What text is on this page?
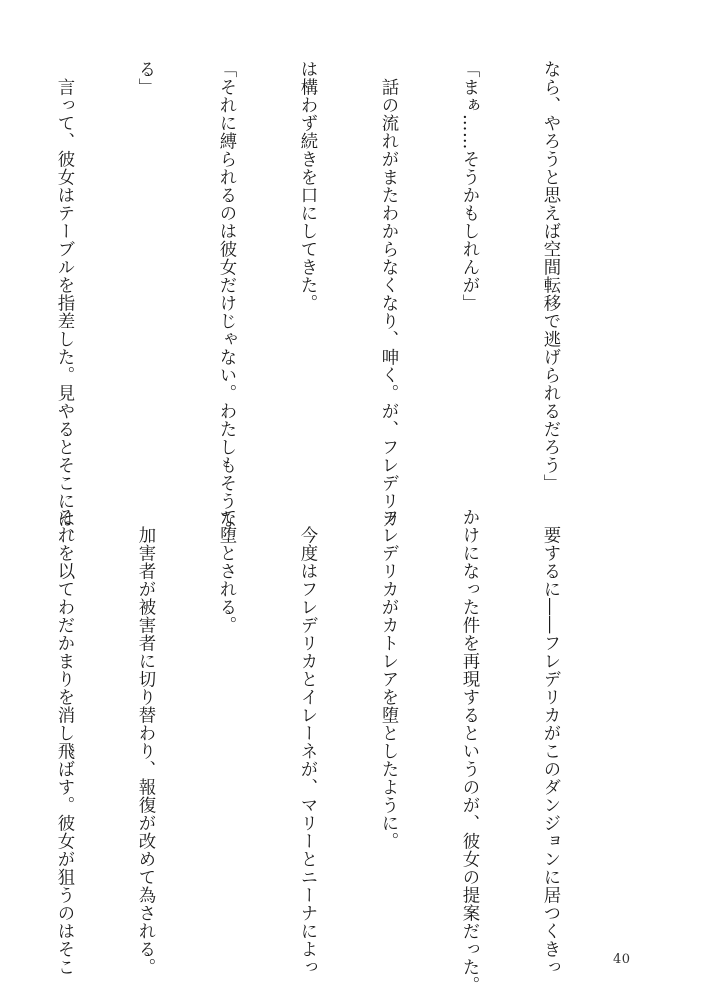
なら、やろうと思えば空間転移で逃げられるだろう」

「まぁ……そうかもしれんが」

　話の流れがまたわからなくなり、呻く。が、フレデリカ

は構わず続きを口にしてきた。

「それに縛られるのは彼女だけじゃない。わたしもそうな

る」

　言って、彼女はテーブルを指差した。見やるとそこには、

　要するに――フレデリカがこのダンジョンに居つくきっ

かけになった件を再現するというのが、彼女の提案だった。

フレデリカがカトレアを堕としたように。

　今度はフレデリカとイレーネが、マリーとニーナによっ

て堕とされる。

　加害者が被害者に切り替わり、報復が改めて為される。

それを以てわだかまりを消し飛ばす。彼女が狙うのはそこ

	40
